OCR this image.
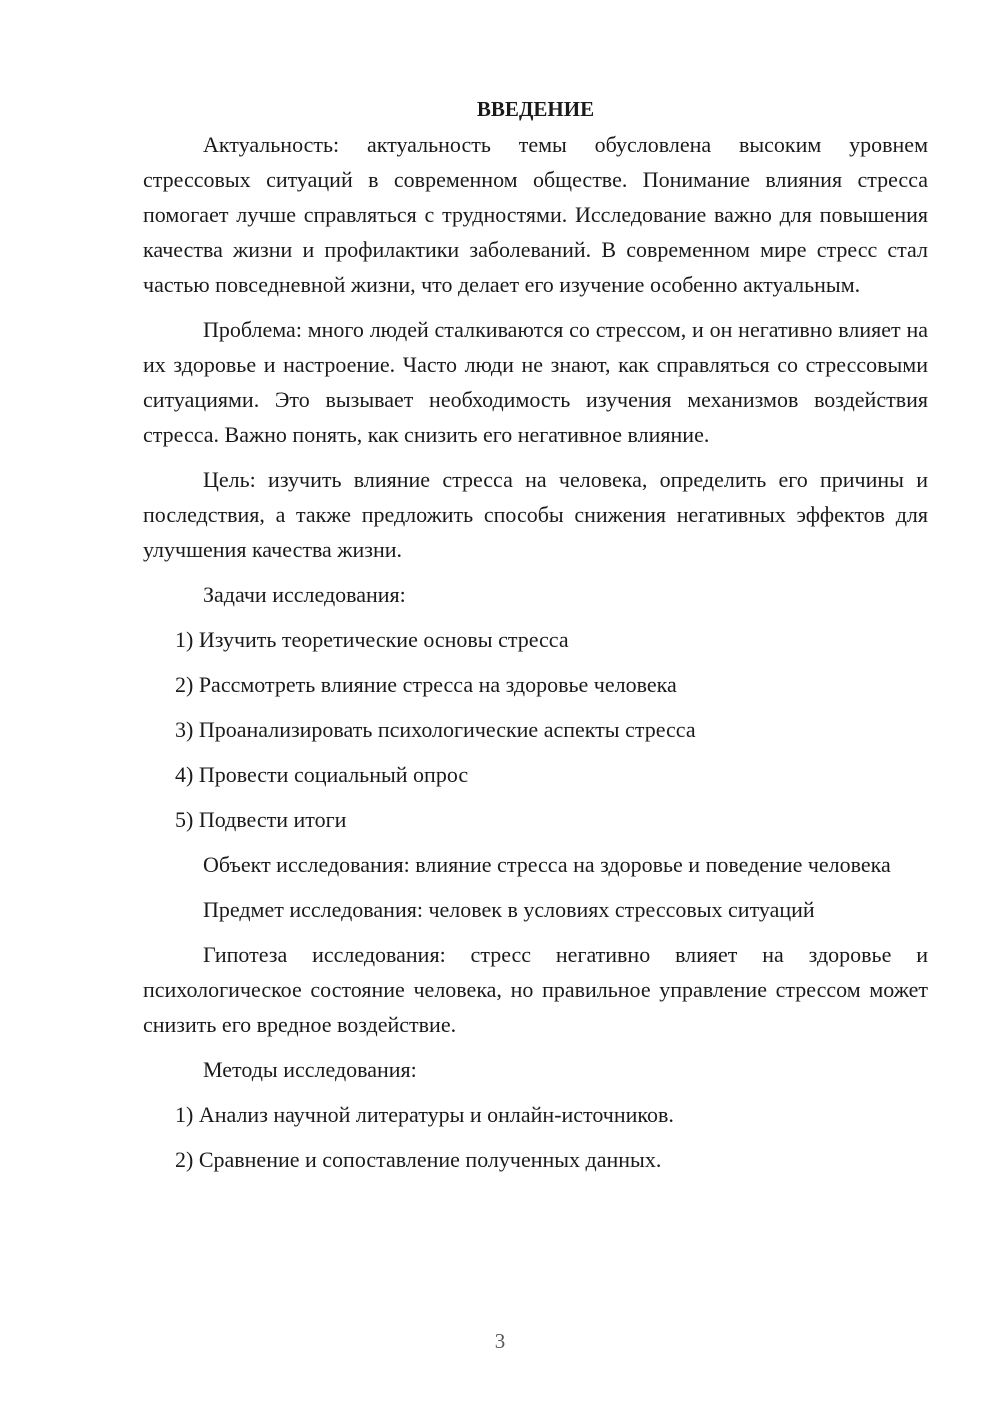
ВВЕДЕНИЕ

Актуальность: актуальность темы обусловлена высоким уровнем стрессовых ситуаций в современном обществе. Понимание влияния стресса помогает лучше справляться с трудностями. Исследование важно для повышения качества жизни и профилактики заболеваний. В современном мире стресс стал частью повседневной жизни, что делает его изучение особенно актуальным.

Проблема: много людей сталкиваются со стрессом, и он негативно влияет на их здоровье и настроение. Часто люди не знают, как справляться со стрессовыми ситуациями. Это вызывает необходимость изучения механизмов воздействия стресса. Важно понять, как снизить его негативное влияние.

Цель: изучить влияние стресса на человека, определить его причины и последствия, а также предложить способы снижения негативных эффектов для улучшения качества жизни.

Задачи исследования:

1) Изучить теоретические основы стресса

2) Рассмотреть влияние стресса на здоровье человека

3) Проанализировать психологические аспекты стресса

4) Провести социальный опрос

5) Подвести итоги

Объект исследования: влияние стресса на здоровье и поведение человека

Предмет исследования: человек в условиях стрессовых ситуаций

Гипотеза исследования: стресс негативно влияет на здоровье и психологическое состояние человека, но правильное управление стрессом может снизить его вредное воздействие.

Методы исследования:

1) Анализ научной литературы и онлайн-источников.

2) Сравнение и сопоставление полученных данных.

3
